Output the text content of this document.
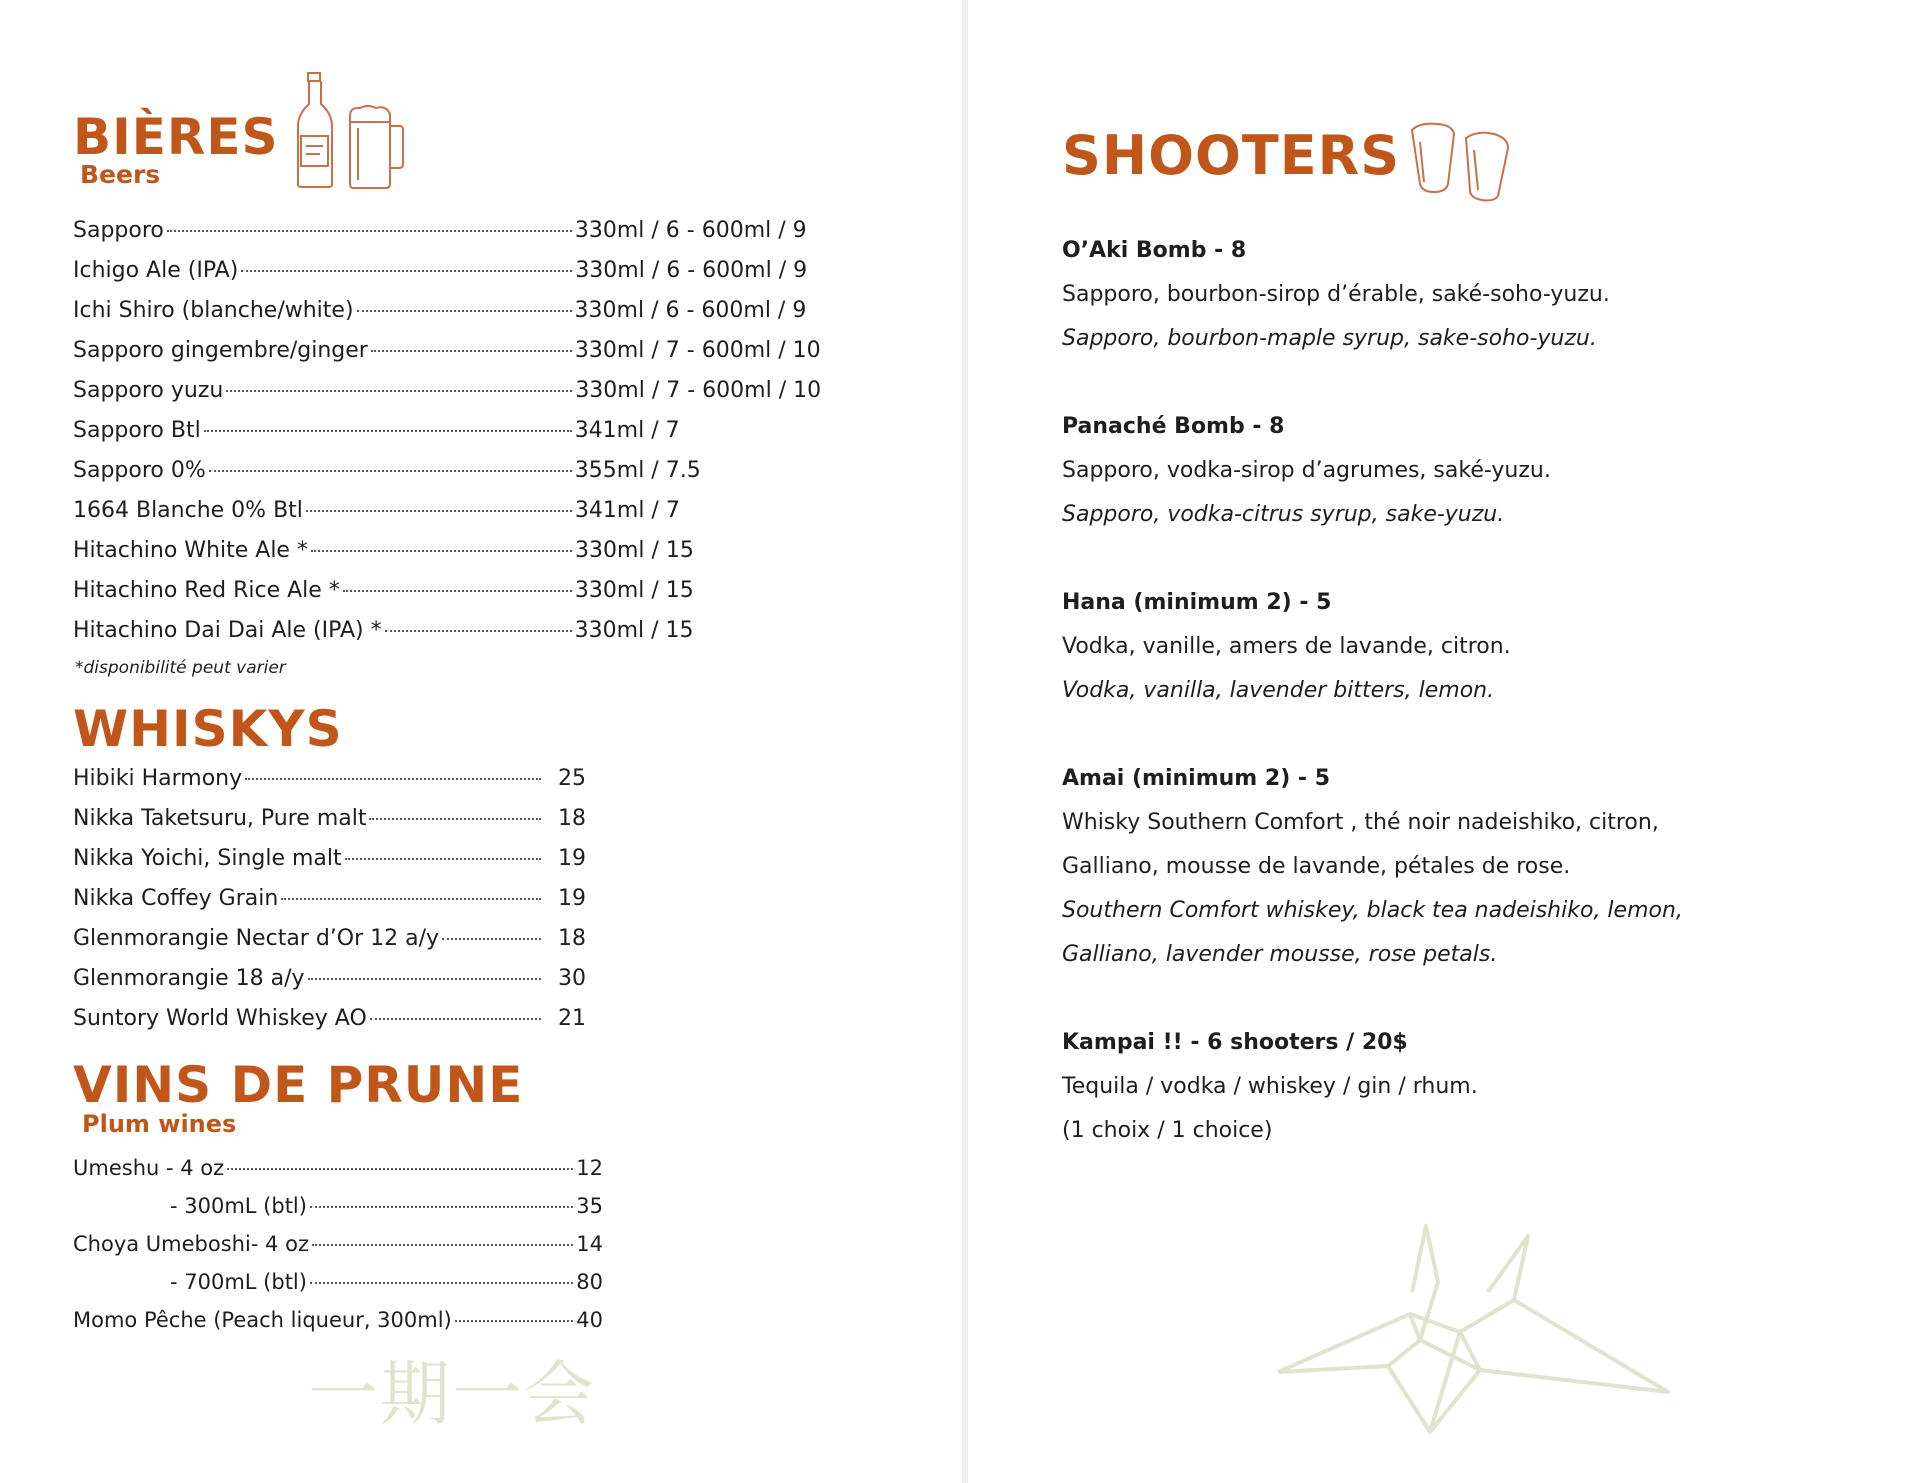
BIÈRES
Beers
Sapporo	330ml / 6 - 600ml / 9
Ichigo Ale (IPA)	330ml / 6 - 600ml / 9
Ichi Shiro (blanche/white)	330ml / 6 - 600ml / 9
Sapporo gingembre/ginger	330ml / 7 - 600ml / 10
Sapporo yuzu	330ml / 7 - 600ml / 10
Sapporo Btl	341ml / 7
Sapporo 0%	355ml / 7.5
1664 Blanche 0% Btl	341ml / 7
Hitachino White Ale *	330ml / 15
Hitachino Red Rice Ale *	330ml / 15
Hitachino Dai Dai Ale (IPA) *	330ml / 15
*disponibilité peut varier
WHISKYS
Hibiki Harmony	25
Nikka Taketsuru, Pure malt	18
Nikka Yoichi, Single malt	19
Nikka Coffey Grain	19
Glenmorangie Nectar d’Or 12 a/y	18
Glenmorangie 18 a/y	30
Suntory World Whiskey AO	21
VINS DE PRUNE
Plum wines
Umeshu - 4 oz	12
- 300mL (btl)	35
Choya Umeboshi- 4 oz	14
- 700mL (btl)	80
Momo Pêche (Peach liqueur, 300ml)	40
一期一会
SHOOTERS
O’Aki Bomb - 8
Sapporo, bourbon-sirop d’érable, saké-soho-yuzu.
Sapporo, bourbon-maple syrup, sake-soho-yuzu.
Panaché Bomb - 8
Sapporo, vodka-sirop d’agrumes, saké-yuzu.
Sapporo, vodka-citrus syrup, sake-yuzu.
Hana (minimum 2) - 5
Vodka, vanille, amers de lavande, citron.
Vodka, vanilla, lavender bitters, lemon.
Amai (minimum 2) - 5
Whisky Southern Comfort , thé noir nadeishiko, citron,
Galliano, mousse de lavande, pétales de rose.
Southern Comfort whiskey, black tea nadeishiko, lemon,
Galliano, lavender mousse, rose petals.
Kampai !! - 6 shooters / 20$
Tequila / vodka / whiskey / gin / rhum.
(1 choix / 1 choice)
